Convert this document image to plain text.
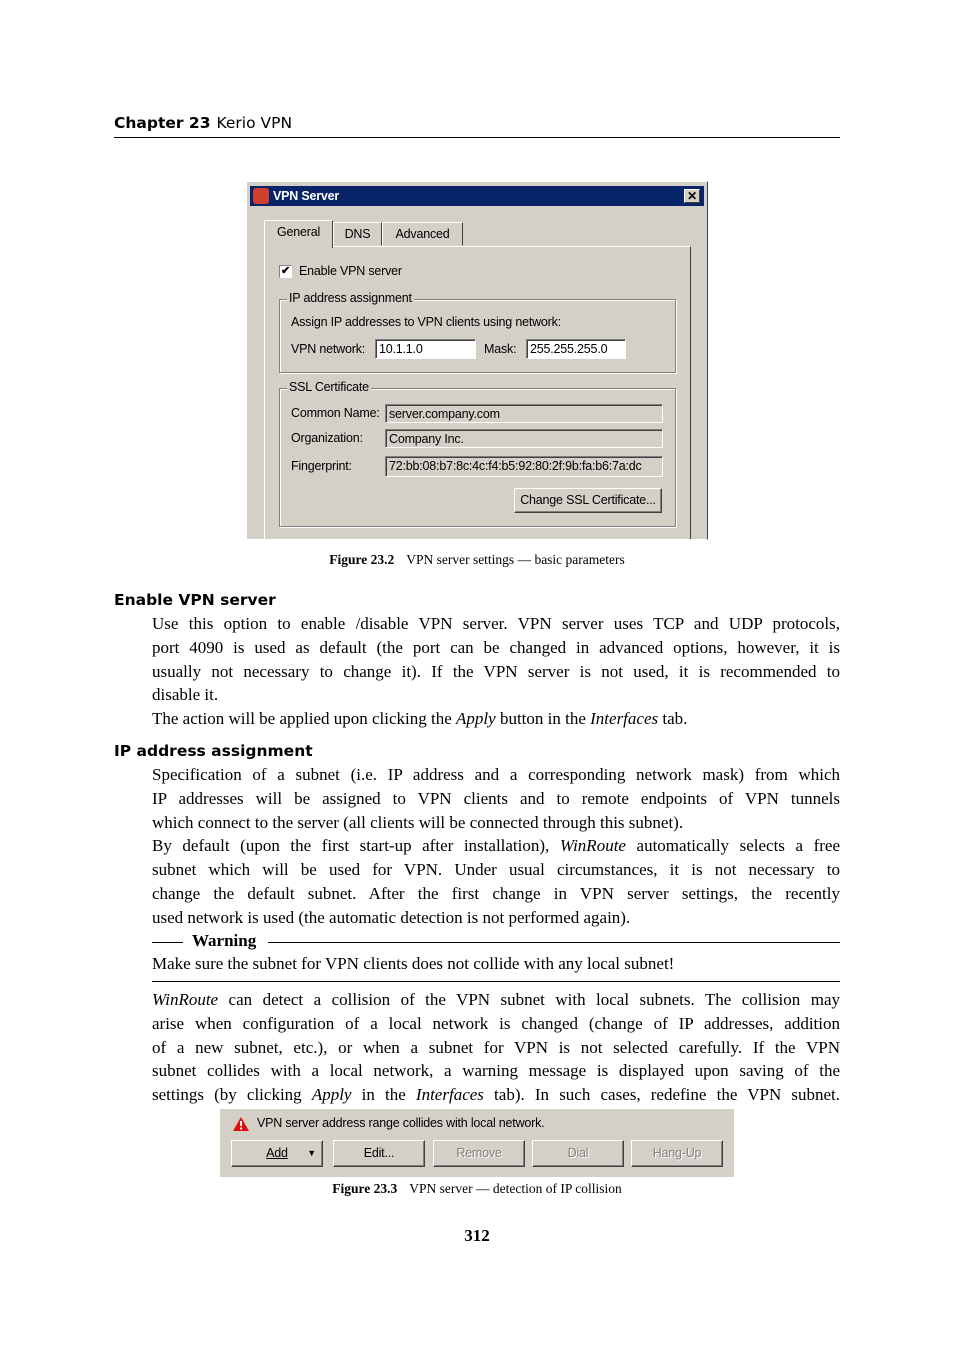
Chapter 23 Kerio VPN
VPN Server	✕
General	DNS	Advanced
✔ Enable VPN server
IP address assignment
Assign IP addresses to VPN clients using network:
VPN network:	10.1.1.0	Mask:	255.255.255.0
SSL Certificate
Common Name: server.company.com
Organization:	Company Inc.
Fingerprint:	72:bb:08:b7:8c:4c:f4:b5:92:80:2f:9b:fa:b6:7a:dc
Change SSL Certificate...
Figure 23.2 VPN server settings — basic parameters
Enable VPN server
Use this option to enable /disable VPN server. VPN server uses TCP and UDP protocols,
port 4090 is used as default (the port can be changed in advanced options, however, it is
usually not necessary to change it). If the VPN server is not used, it is recommended to
disable it.
The action will be applied upon clicking the Apply button in the Interfaces tab.
IP address assignment
Specification of a subnet (i.e. IP address and a corresponding network mask) from which
IP addresses will be assigned to VPN clients and to remote endpoints of VPN tunnels
which connect to the server (all clients will be connected through this subnet).
By default (upon the first start-up after installation), WinRoute automatically selects a free
subnet which will be used for VPN. Under usual circumstances, it is not necessary to
change the default subnet. After the first change in VPN server settings, the recently
used network is used (the automatic detection is not performed again).
Warning
Make sure the subnet for VPN clients does not collide with any local subnet!
WinRoute can detect a collision of the VPN subnet with local subnets. The collision may
arise when configuration of a local network is changed (change of IP addresses, addition
of a new subnet, etc.), or when a subnet for VPN is not selected carefully. If the VPN
subnet collides with a local network, a warning message is displayed upon saving of the
settings (by clicking Apply in the Interfaces tab). In such cases, redefine the VPN subnet.
VPN server address range collides with local network.
Add ▼	Edit...	Remove	Dial	Hang-Up
Figure 23.3 VPN server — detection of IP collision
312
